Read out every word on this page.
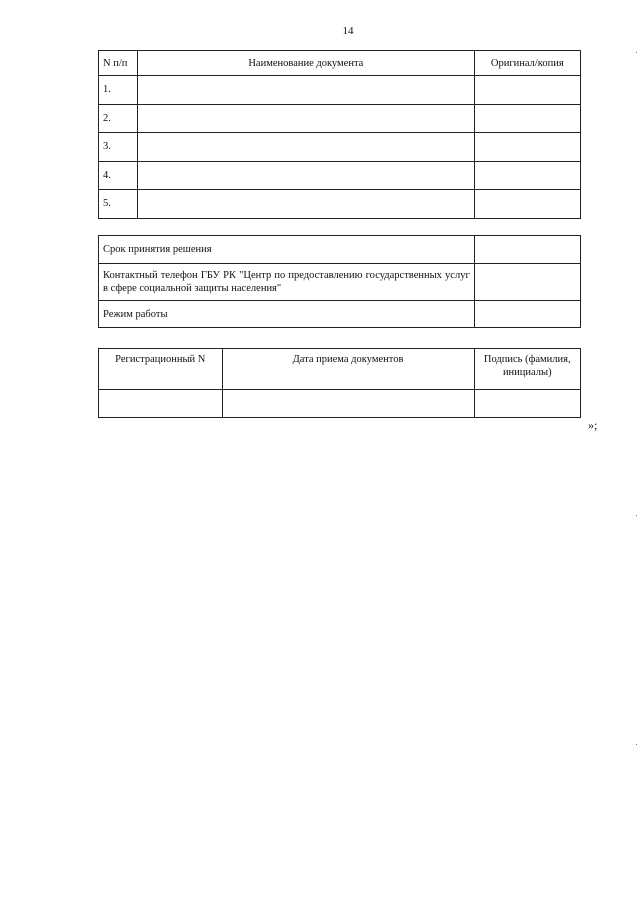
14
N п/п	Наименование документа	Оригинал/копия
1.		
2.		
3.		
4.		
5.		
Срок принятия решения	
Контактный телефон ГБУ РК "Центр по предоставлению государственных услуг в сфере социальной защиты населения"	
Режим работы	
Регистрационный N	Дата приема документов	Подпись (фамилия, инициалы)

»;
